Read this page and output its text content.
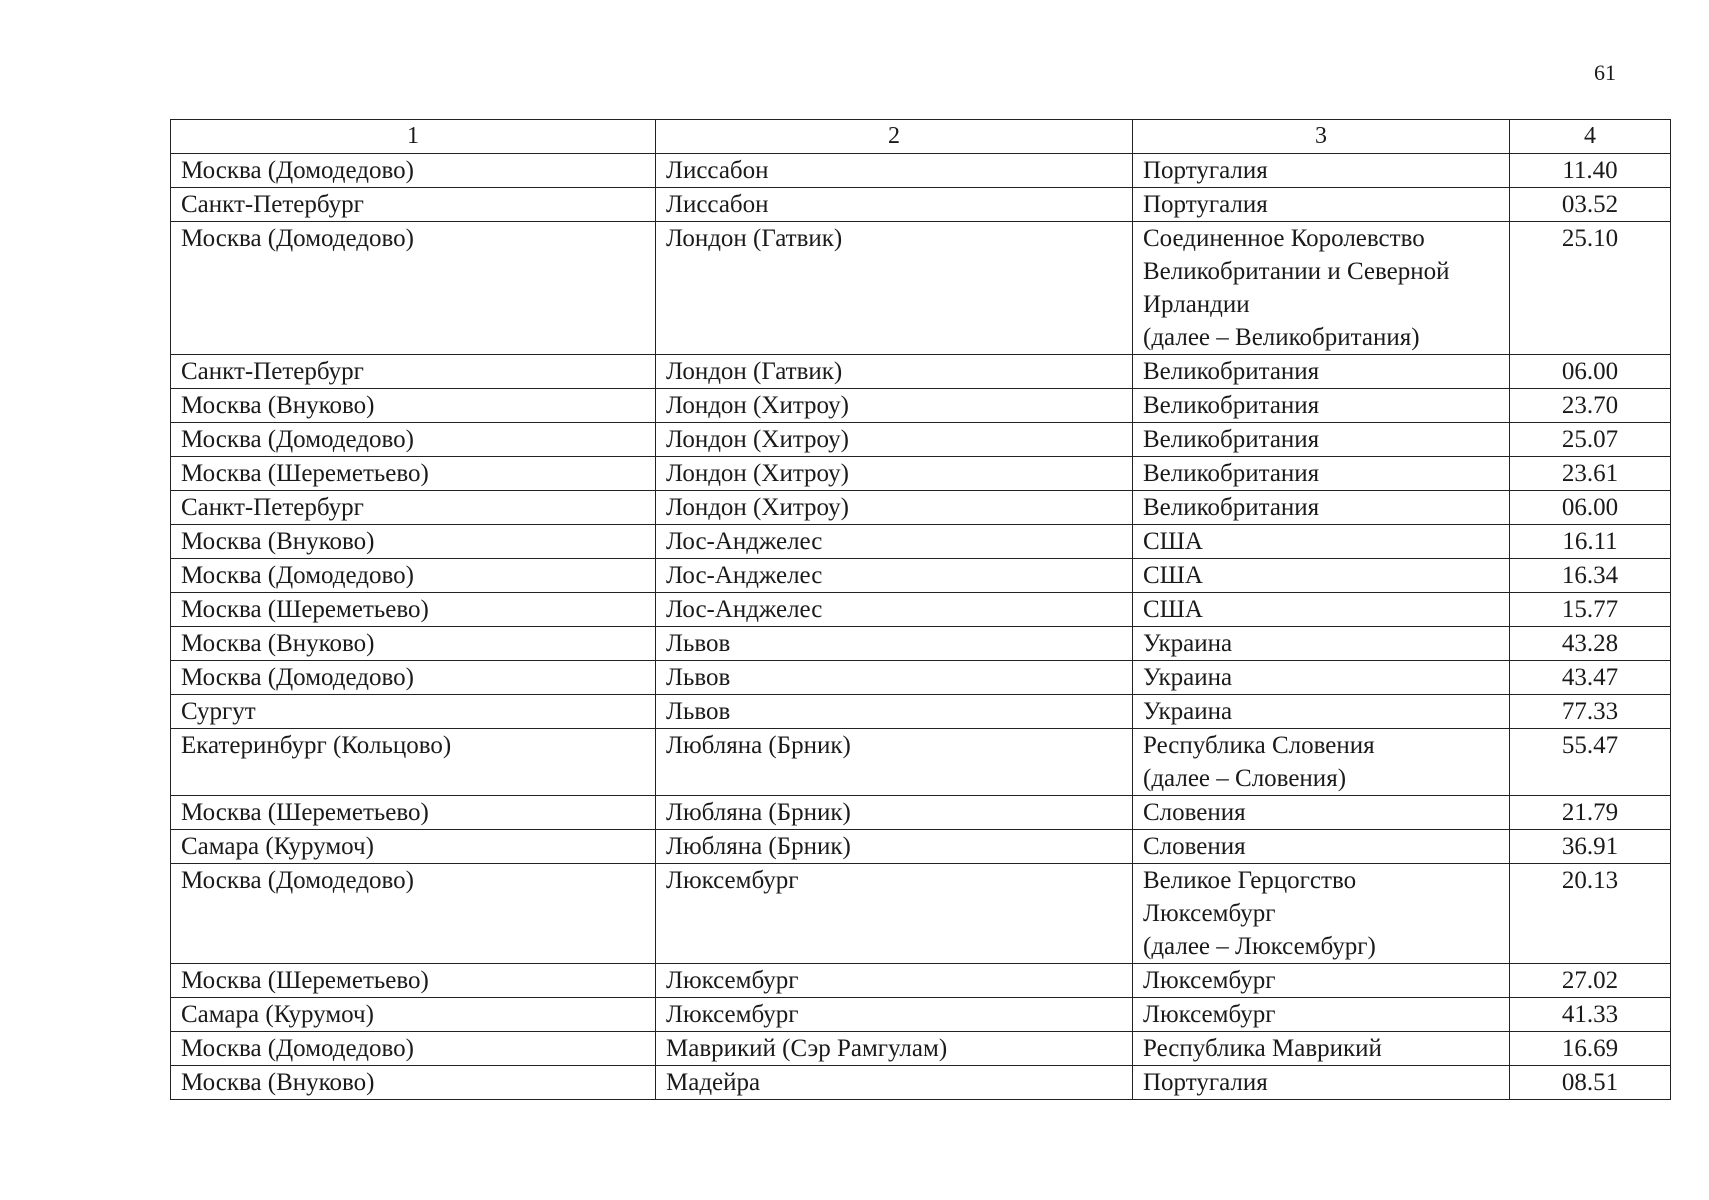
61
1	2	3	4
Москва (Домодедово)	Лиссабон	Португалия	11.40
Санкт-Петербург	Лиссабон	Португалия	03.52
Москва (Домодедово)	Лондон (Гатвик)	Соединенное Королевство
Великобритании и Северной
Ирландии
(далее – Великобритания)	25.10
Санкт-Петербург	Лондон (Гатвик)	Великобритания	06.00
Москва (Внуково)	Лондон (Хитроу)	Великобритания	23.70
Москва (Домодедово)	Лондон (Хитроу)	Великобритания	25.07
Москва (Шереметьево)	Лондон (Хитроу)	Великобритания	23.61
Санкт-Петербург	Лондон (Хитроу)	Великобритания	06.00
Москва (Внуково)	Лос-Анджелес	США	16.11
Москва (Домодедово)	Лос-Анджелес	США	16.34
Москва (Шереметьево)	Лос-Анджелес	США	15.77
Москва (Внуково)	Львов	Украина	43.28
Москва (Домодедово)	Львов	Украина	43.47
Сургут	Львов	Украина	77.33
Екатеринбург (Кольцово)	Любляна (Брник)	Республика Словения
(далее – Словения)	55.47
Москва (Шереметьево)	Любляна (Брник)	Словения	21.79
Самара (Курумоч)	Любляна (Брник)	Словения	36.91
Москва (Домодедово)	Люксембург	Великое Герцогство
Люксембург
(далее – Люксембург)	20.13
Москва (Шереметьево)	Люксембург	Люксембург	27.02
Самара (Курумоч)	Люксембург	Люксембург	41.33
Москва (Домодедово)	Маврикий (Сэр Рамгулам)	Республика Маврикий	16.69
Москва (Внуково)	Мадейра	Португалия	08.51
